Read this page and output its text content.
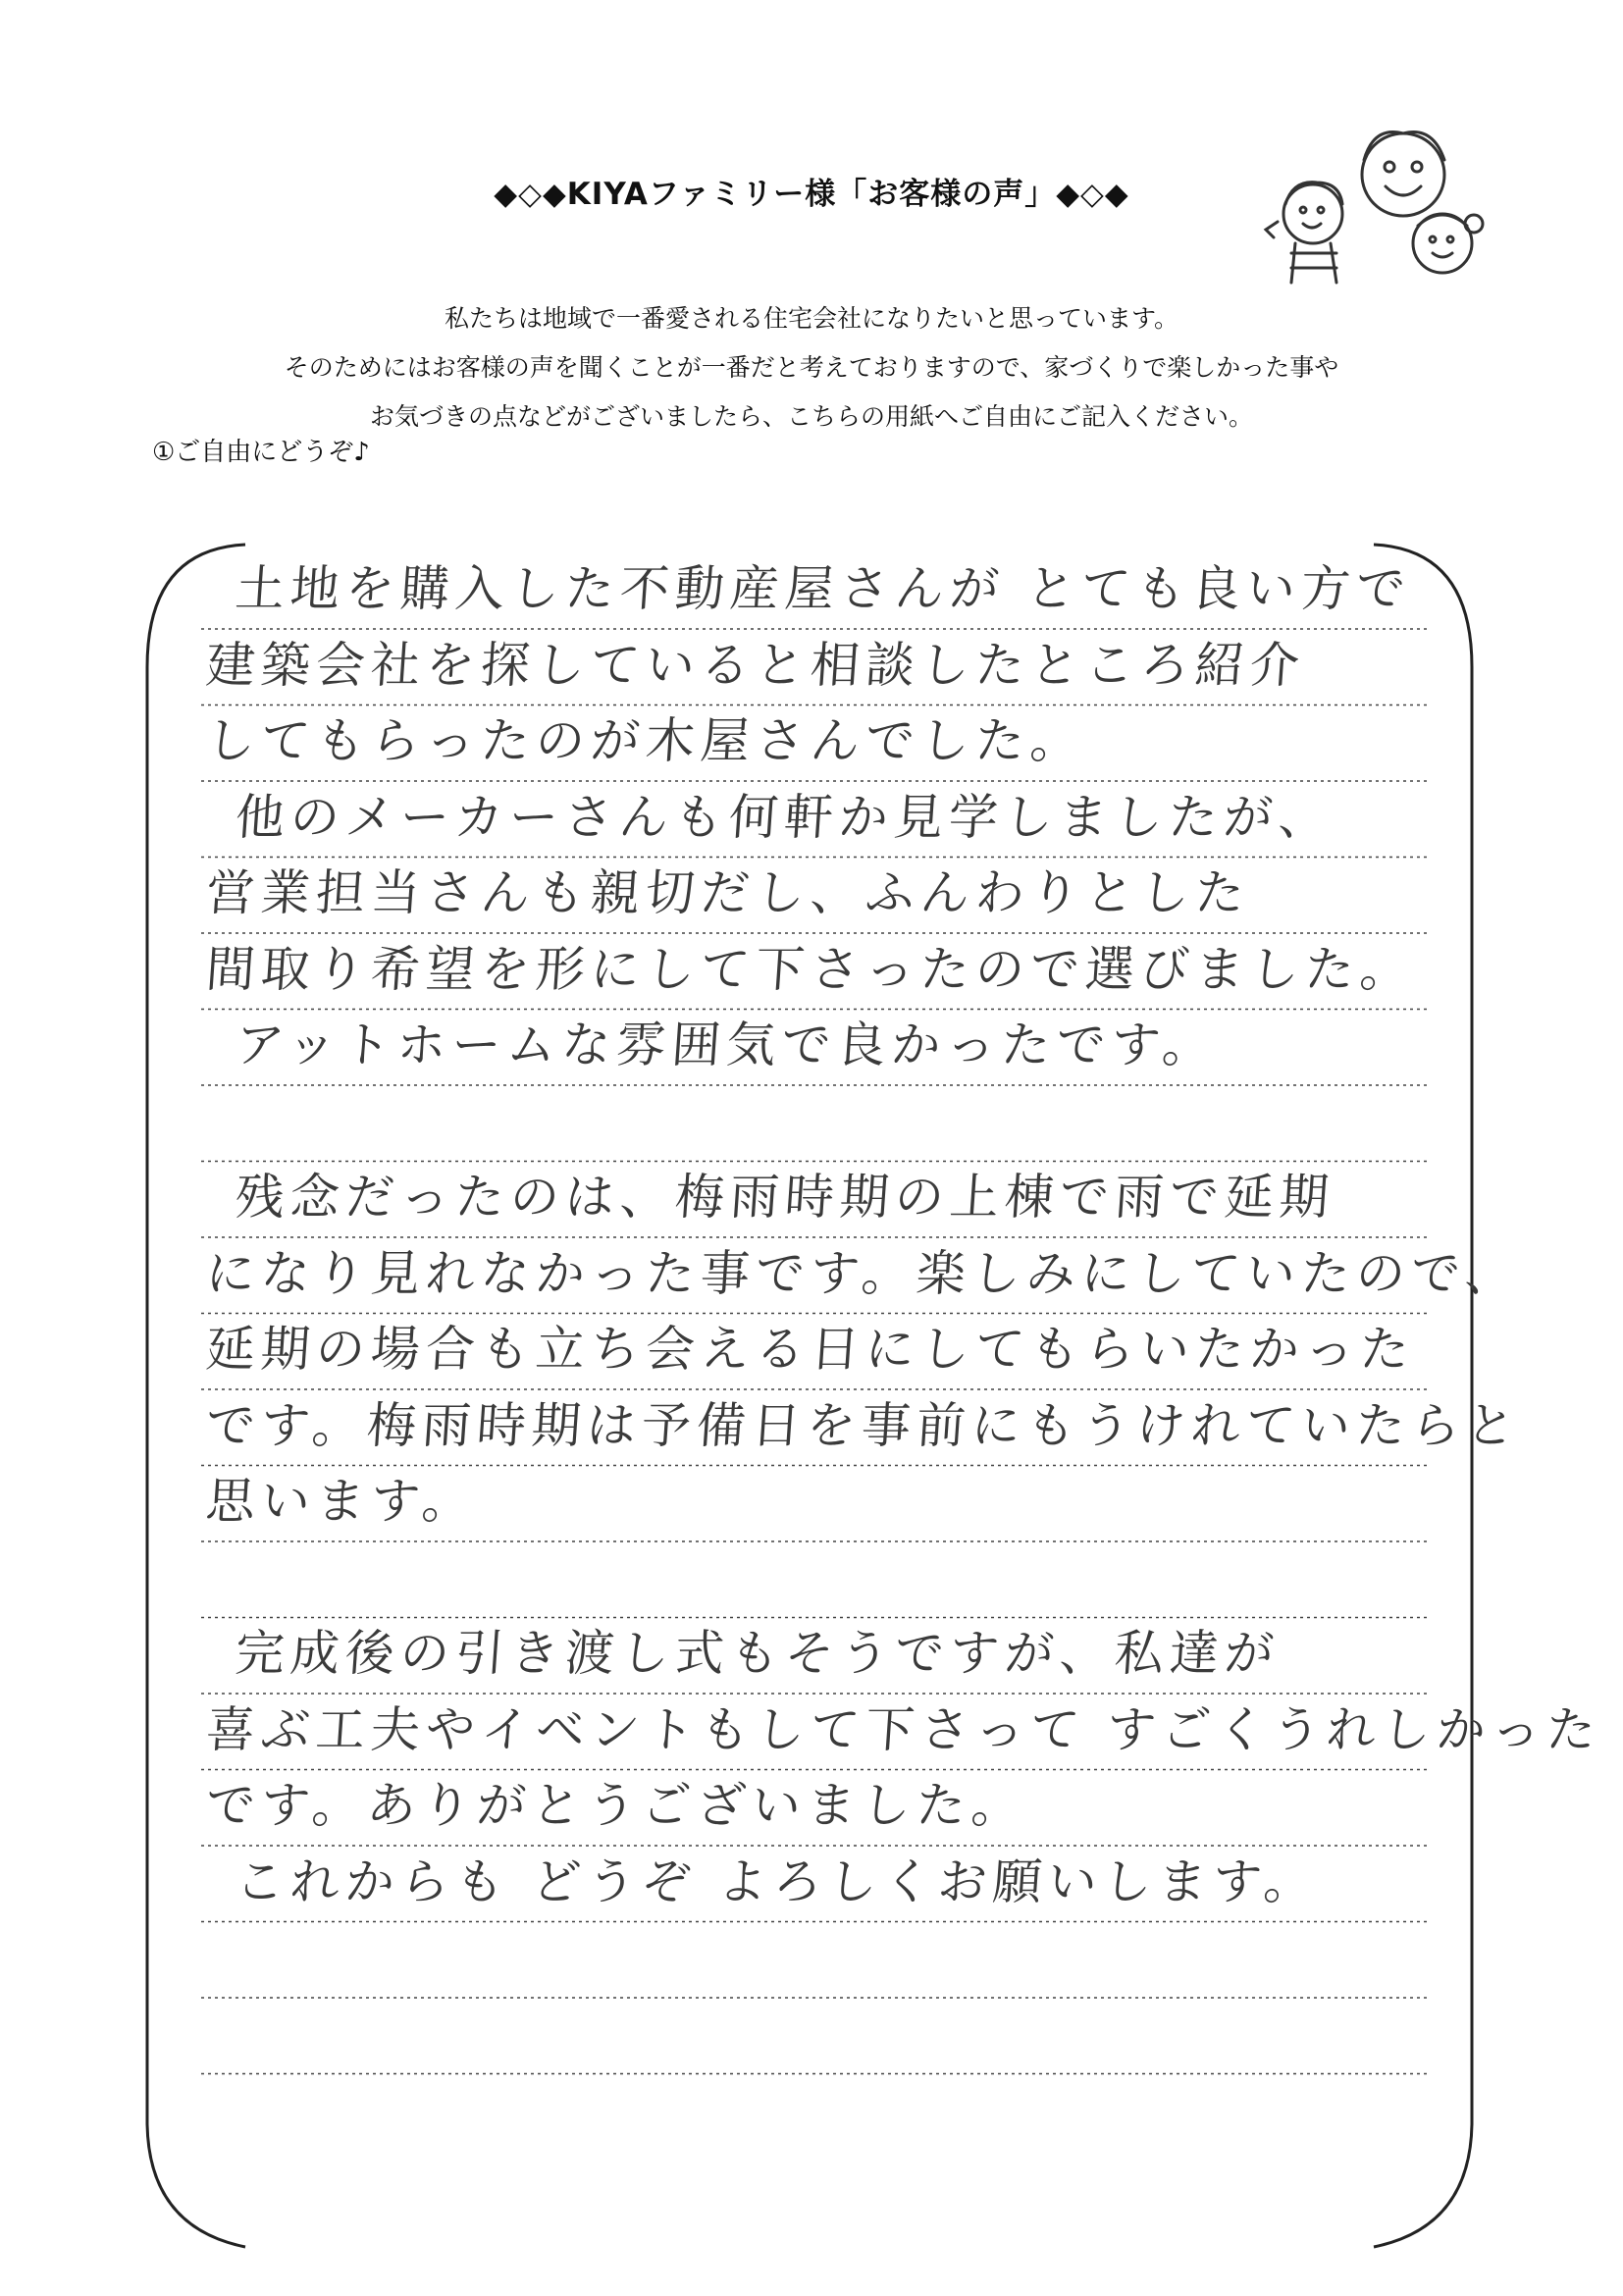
◆◇◆KIYAファミリー様「お客様の声」◆◇◆
私たちは地域で一番愛される住宅会社になりたいと思っています。
そのためにはお客様の声を聞くことが一番だと考えておりますので、家づくりで楽しかった事や
お気づきの点などがございましたら、こちらの用紙へご自由にご記入ください。
①ご自由にどうぞ♪
土地を購入した不動産屋さんが とても良い方で
建築会社を探していると相談したところ紹介
してもらったのが木屋さんでした。
他のメーカーさんも何軒か見学しましたが、
営業担当さんも親切だし、ふんわりとした
間取り希望を形にして下さったので選びました。
アットホームな雰囲気で良かったです。
残念だったのは、梅雨時期の上棟で雨で延期
になり見れなかった事です。楽しみにしていたので、
延期の場合も立ち会える日にしてもらいたかった
です。梅雨時期は予備日を事前にもうけれていたらと
思います。
完成後の引き渡し式もそうですが、私達が
喜ぶ工夫やイベントもして下さって すごくうれしかった
です。ありがとうございました。
これからも どうぞ よろしくお願いします。
